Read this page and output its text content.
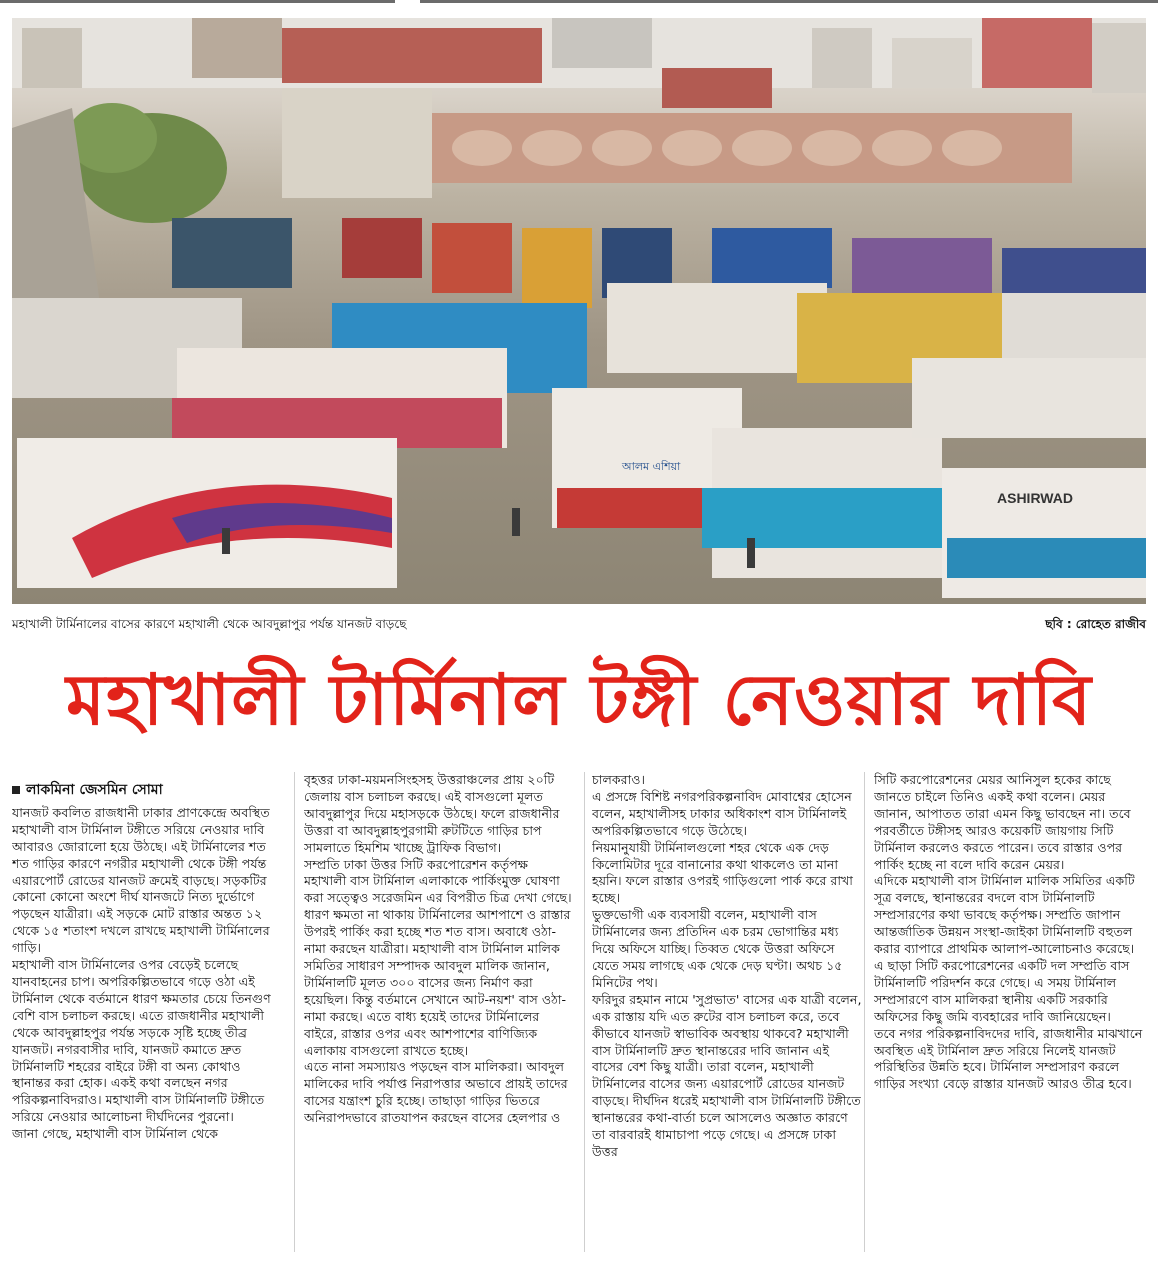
ASHIRWAD
আলম এশিয়া
মহাখালী টার্মিনালের বাসের কারণে মহাখালী থেকে আবদুল্লাপুর পর্যন্ত যানজট বাড়ছে	ছবি : রোহেত রাজীব
মহাখালী টার্মিনাল টঙ্গী নেওয়ার দাবি
লাকমিনা জেসমিন সোমা

যানজট কবলিত রাজধানী ঢাকার প্রাণকেন্দ্রে অবস্থিত মহাখালী বাস টার্মিনাল টঙ্গীতে সরিয়ে নেওয়ার দাবি আবারও জোরালো হয়ে উঠছে। এই টার্মিনালের শত শত গাড়ির কারণে নগরীর মহাখালী থেকে টঙ্গী পর্যন্ত এয়ারপোর্ট রোডের যানজট ক্রমেই বাড়ছে। সড়কটির কোনো কোনো অংশে দীর্ঘ যানজটে নিত্য দুর্ভোগে পড়ছেন যাত্রীরা। এই সড়কে মোট রাস্তার অন্তত ১২ থেকে ১৫ শতাংশ দখলে রাখছে মহাখালী টার্মিনালের গাড়ি।

মহাখালী বাস টার্মিনালের ওপর বেড়েই চলেছে যানবাহনের চাপ। অপরিকল্পিতভাবে গড়ে ওঠা এই টার্মিনাল থেকে বর্তমানে ধারণ ক্ষমতার চেয়ে তিনগুণ বেশি বাস চলাচল করছে। এতে রাজধানীর মহাখালী থেকে আবদুল্লাহপুর পর্যন্ত সড়কে সৃষ্টি হচ্ছে তীব্র যানজট। নগরবাসীর দাবি, যানজট কমাতে দ্রুত টার্মিনালটি শহরের বাইরে টঙ্গী বা অন্য কোথাও স্থানান্তর করা হোক। একই কথা বলছেন নগর পরিকল্পনাবিদরাও। মহাখালী বাস টার্মিনালটি টঙ্গীতে সরিয়ে নেওয়ার আলোচনা দীর্ঘদিনের পুরনো।

জানা গেছে, মহাখালী বাস টার্মিনাল থেকে

বৃহত্তর ঢাকা-ময়মনসিংহসহ উত্তরাঞ্চলের প্রায় ২০টি জেলায় বাস চলাচল করছে। এই বাসগুলো মূলত আবদুল্লাপুর দিয়ে মহাসড়কে উঠছে। ফলে রাজধানীর উত্তরা বা আবদুল্লাহপুরগামী রুটটিতে গাড়ির চাপ সামলাতে হিমশিম খাচ্ছে ট্রাফিক বিভাগ।

সম্প্রতি ঢাকা উত্তর সিটি করপোরেশন কর্তৃপক্ষ মহাখালী বাস টার্মিনাল এলাকাকে পার্কিংমুক্ত ঘোষণা করা সত্ত্বেও সরেজমিন এর বিপরীত চিত্র দেখা গেছে। ধারণ ক্ষমতা না থাকায় টার্মিনালের আশপাশে ও রাস্তার উপরই পার্কিং করা হচ্ছে শত শত বাস। অবাধে ওঠা-নামা করছেন যাত্রীরা। মহাখালী বাস টার্মিনাল মালিক সমিতির সাধারণ সম্পাদক আবদুল মালিক জানান, টার্মিনালটি মূলত ৩০০ বাসের জন্য নির্মাণ করা হয়েছিল। কিন্তু বর্তমানে সেখানে আট-নয়শ' বাস ওঠা-নামা করছে। এতে বাধ্য হয়েই তাদের টার্মিনালের বাইরে, রাস্তার ওপর এবং আশপাশের বাণিজ্যিক এলাকায় বাসগুলো রাখতে হচ্ছে।

এতে নানা সমস্যায়ও পড়ছেন বাস মালিকরা। আবদুল মালিকের দাবি পর্যাপ্ত নিরাপত্তার অভাবে প্রায়ই তাদের বাসের যন্ত্রাংশ চুরি হচ্ছে। তাছাড়া গাড়ির ভিতরে অনিরাপদভাবে রাতযাপন করছেন বাসের হেলপার ও

চালকরাও।

এ প্রসঙ্গে বিশিষ্ট নগরপরিকল্পনাবিদ মোবাশ্বের হোসেন বলেন, মহাখালীসহ ঢাকার অধিকাংশ বাস টার্মিনালই অপরিকল্পিতভাবে গড়ে উঠেছে।

নিয়মানুযায়ী টার্মিনালগুলো শহর থেকে এক দেড় কিলোমিটার দূরে বানানোর কথা থাকলেও তা মানা হয়নি। ফলে রাস্তার ওপরই গাড়িগুলো পার্ক করে রাখা হচ্ছে।

ভুক্তভোগী এক ব্যবসায়ী বলেন, মহাখালী বাস টার্মিনালের জন্য প্রতিদিন এক চরম ভোগান্তির মধ্য দিয়ে অফিসে যাচ্ছি। তিব্বত থেকে উত্তরা অফিসে যেতে সময় লাগছে এক থেকে দেড় ঘণ্টা। অথচ ১৫ মিনিটের পথ।

ফরিদুর রহমান নামে 'সুপ্রভাত' বাসের এক যাত্রী বলেন, এক রাস্তায় যদি এত রুটের বাস চলাচল করে, তবে কীভাবে যানজট স্বাভাবিক অবস্থায় থাকবে? মহাখালী বাস টার্মিনালটি দ্রুত স্থানান্তরের দাবি জানান এই বাসের বেশ কিছু যাত্রী। তারা বলেন, মহাখালী টার্মিনালের বাসের জন্য এয়ারপোর্ট রোডের যানজট বাড়ছে। দীর্ঘদিন ধরেই মহাখালী বাস টার্মিনালটি টঙ্গীতে স্থানান্তরের কথা-বার্তা চলে আসলেও অজ্ঞাত কারণে তা বারবারই ধামাচাপা পড়ে গেছে। এ প্রসঙ্গে ঢাকা উত্তর

সিটি করপোরেশনের মেয়র আনিসুল হকের কাছে জানতে চাইলে তিনিও একই কথা বলেন। মেয়র জানান, আপাতত তারা এমন কিছু ভাবছেন না। তবে পরবর্তীতে টঙ্গীসহ আরও কয়েকটি জায়গায় সিটি টার্মিনাল করলেও করতে পারেন। তবে রাস্তার ওপর পার্কিং হচ্ছে না বলে দাবি করেন মেয়র।

এদিকে মহাখালী বাস টার্মিনাল মালিক সমিতির একটি সূত্র বলছে, স্থানান্তরের বদলে বাস টার্মিনালটি সম্প্রসারণের কথা ভাবছে কর্তৃপক্ষ। সম্প্রতি জাপান আন্তর্জাতিক উন্নয়ন সংস্থা-জাইকা টার্মিনালটি বহুতল করার ব্যাপারে প্রাথমিক আলাপ-আলোচনাও করেছে।

এ ছাড়া সিটি করপোরেশনের একটি দল সম্প্রতি বাস টার্মিনালটি পরিদর্শন করে গেছে। এ সময় টার্মিনাল সম্প্রসারণে বাস মালিকরা স্থানীয় একটি সরকারি অফিসের কিছু জমি ব্যবহারের দাবি জানিয়েছেন।

তবে নগর পরিকল্পনাবিদদের দাবি, রাজধানীর মাঝখানে অবস্থিত এই টার্মিনাল দ্রুত সরিয়ে নিলেই যানজট পরিস্থিতির উন্নতি হবে। টার্মিনাল সম্প্রসারণ করলে গাড়ির সংখ্যা বেড়ে রাস্তার যানজট আরও তীব্র হবে।
